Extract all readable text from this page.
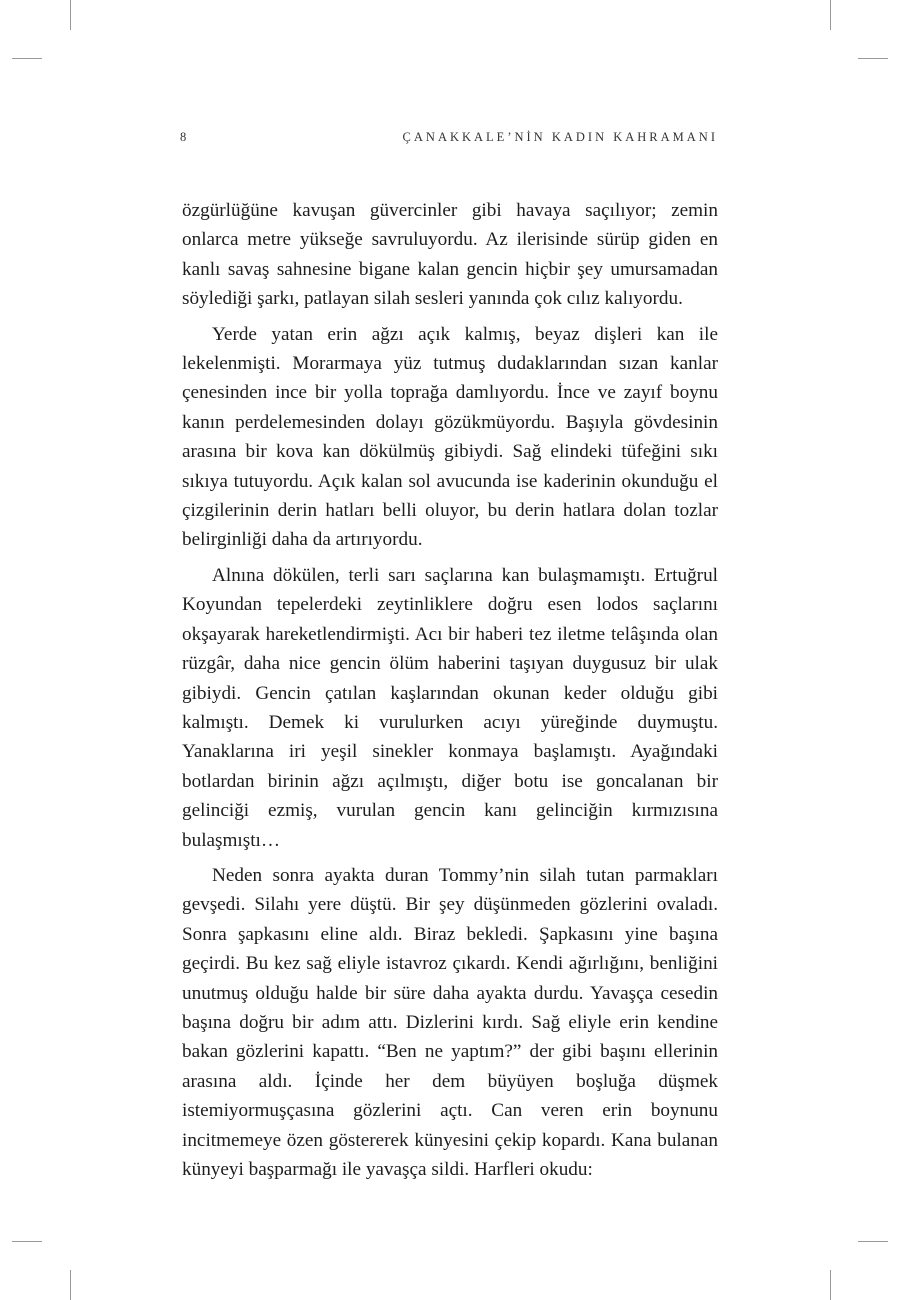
8	ÇANAKKALE’NİN KADIN KAHRAMANI

özgürlüğüne kavuşan güvercinler gibi havaya saçılıyor; zemin onlarca metre yükseğe savruluyordu. Az ilerisinde sürüp giden en kanlı savaş sahnesine bigane kalan gencin hiçbir şey umursamadan söylediği şarkı, patlayan silah sesleri yanında çok cılız kalıyordu.

Yerde yatan erin ağzı açık kalmış, beyaz dişleri kan ile lekelenmişti. Morarmaya yüz tutmuş dudaklarından sızan kanlar çenesinden ince bir yolla toprağa damlıyordu. İnce ve zayıf boynu kanın perdelemesinden dolayı gözükmüyordu. Başıyla gövdesinin arasına bir kova kan dökülmüş gibiydi. Sağ elindeki tüfeğini sıkı sıkıya tutuyordu. Açık kalan sol avucunda ise kaderinin okunduğu el çizgilerinin derin hatları belli oluyor, bu derin hatlara dolan tozlar belirginliği daha da artırıyordu.

Alnına dökülen, terli sarı saçlarına kan bulaşmamıştı. Ertuğrul Koyundan tepelerdeki zeytinliklere doğru esen lodos saçlarını okşayarak hareketlendirmişti. Acı bir haberi tez iletme telâşında olan rüzgâr, daha nice gencin ölüm haberini taşıyan duygusuz bir ulak gibiydi. Gencin çatılan kaşlarından okunan keder olduğu gibi kalmıştı. Demek ki vurulurken acıyı yüreğinde duymuştu. Yanaklarına iri yeşil sinekler konmaya başlamıştı. Ayağındaki botlardan birinin ağzı açılmıştı, diğer botu ise goncalanan bir gelinciği ezmiş, vurulan gencin kanı gelinciğin kırmızısına bulaşmıştı…

Neden sonra ayakta duran Tommy’nin silah tutan parmakları gevşedi. Silahı yere düştü. Bir şey düşünmeden gözlerini ovaladı. Sonra şapkasını eline aldı. Biraz bekledi. Şapkasını yine başına geçirdi. Bu kez sağ eliyle istavroz çıkardı. Kendi ağırlığını, benliğini unutmuş olduğu halde bir süre daha ayakta durdu. Yavaşça cesedin başına doğru bir adım attı. Dizlerini kırdı. Sağ eliyle erin kendine bakan gözlerini kapattı. “Ben ne yaptım?” der gibi başını ellerinin arasına aldı. İçinde her dem büyüyen boşluğa düşmek istemiyormuşçasına gözlerini açtı. Can veren erin boynunu incitmemeye özen göstererek künyesini çekip kopardı. Kana bulanan künyeyi başparmağı ile yavaşça sildi. Harfleri okudu:
